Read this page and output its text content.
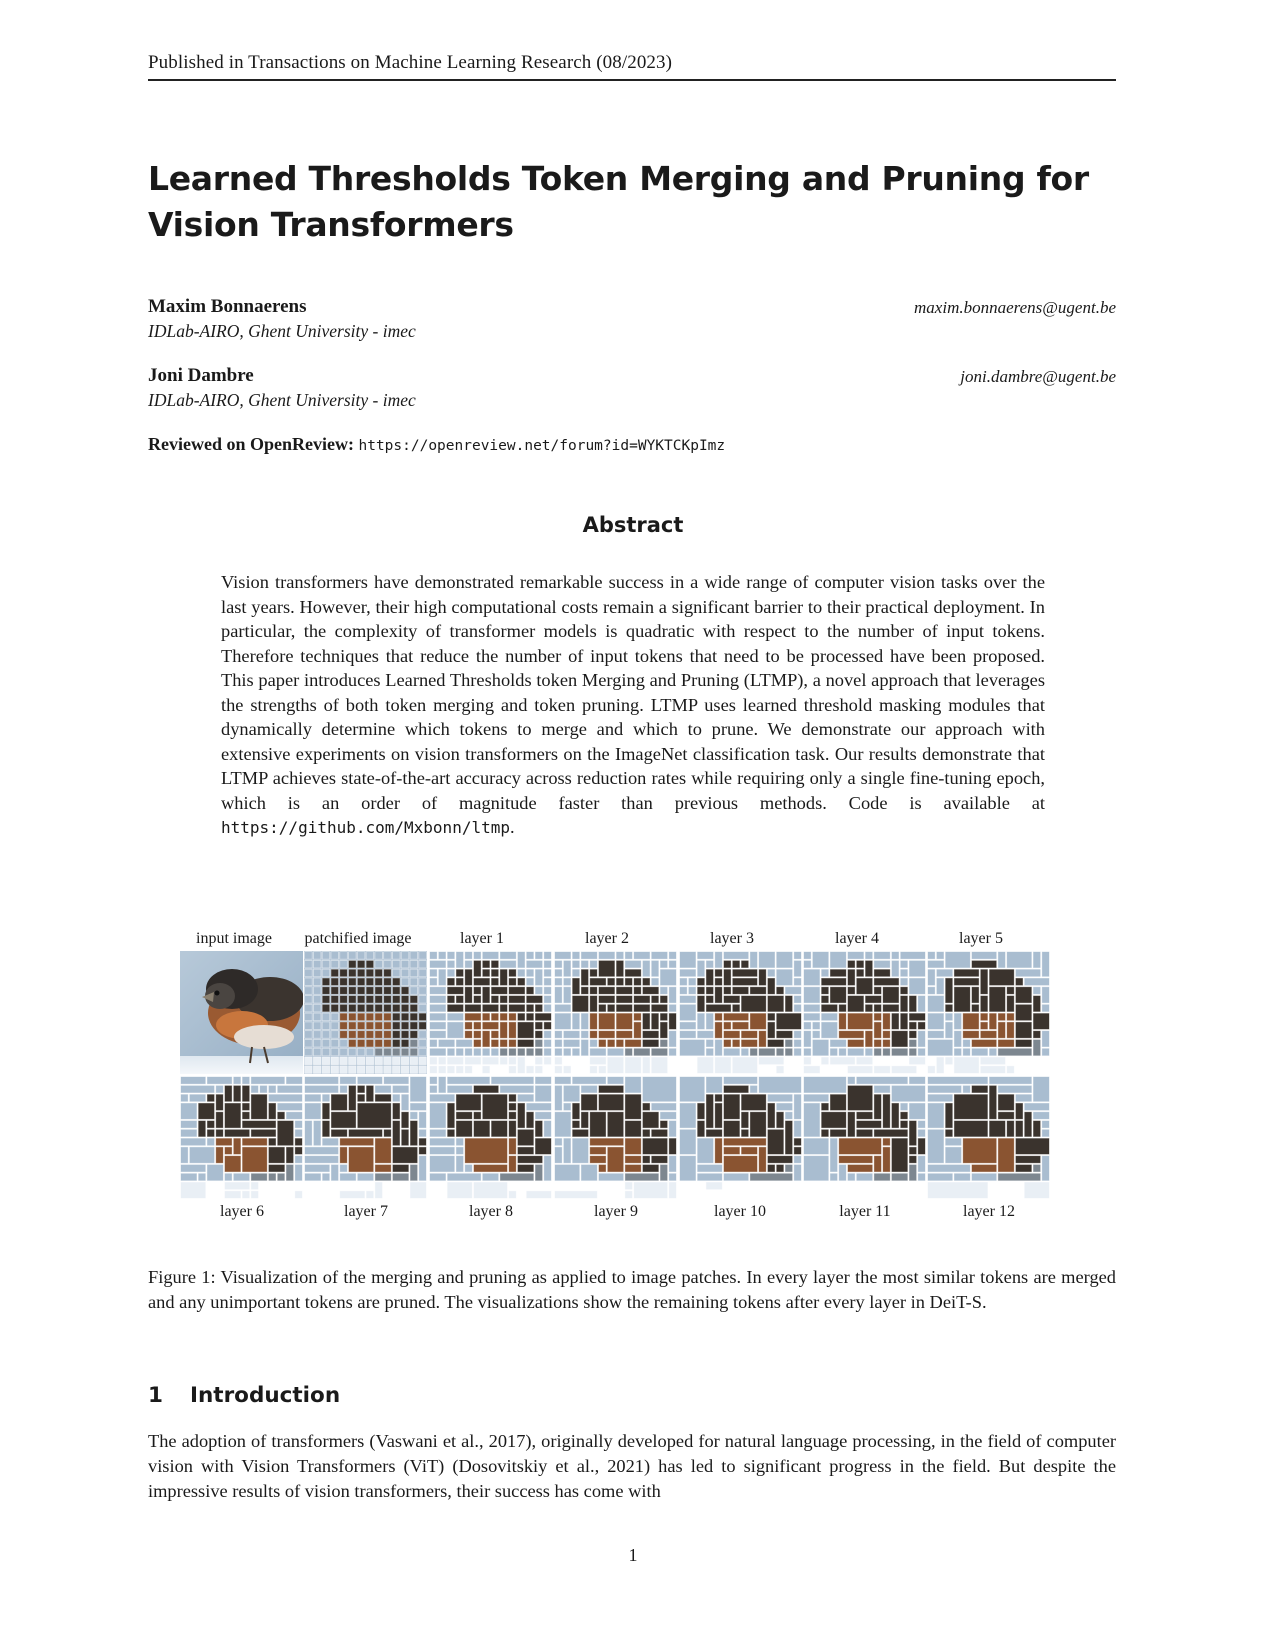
Published in Transactions on Machine Learning Research (08/2023)
Learned Thresholds Token Merging and Pruning for Vision Transformers
Maxim Bonnaerens
IDLab-AIRO, Ghent University - imec
maxim.bonnaerens@ugent.be
Joni Dambre
IDLab-AIRO, Ghent University - imec
joni.dambre@ugent.be
Reviewed on OpenReview: https://openreview.net/forum?id=WYKTCKpImz
Abstract
Vision transformers have demonstrated remarkable success in a wide range of computer vision tasks over the last years. However, their high computational costs remain a significant barrier to their practical deployment. In particular, the complexity of transformer models is quadratic with respect to the number of input tokens. Therefore techniques that reduce the number of input tokens that need to be processed have been proposed. This paper introduces Learned Thresholds token Merging and Pruning (LTMP), a novel approach that leverages the strengths of both token merging and token pruning. LTMP uses learned threshold masking modules that dynamically determine which tokens to merge and which to prune. We demonstrate our approach with extensive experiments on vision transformers on the ImageNet classification task. Our results demonstrate that LTMP achieves state-of-the-art accuracy across reduction rates while requiring only a single fine-tuning epoch, which is an order of magnitude faster than previous methods. Code is available at https://github.com/Mxbonn/ltmp.
input image	patchified image	layer 1	layer 2	layer 3	layer 4	layer 5
layer 6	layer 7	layer 8	layer 9	layer 10	layer 11	layer 12
Figure 1: Visualization of the merging and pruning as applied to image patches. In every layer the most similar tokens are merged and any unimportant tokens are pruned. The visualizations show the remaining tokens after every layer in DeiT-S.
1 Introduction
The adoption of transformers (Vaswani et al., 2017), originally developed for natural language processing, in the field of computer vision with Vision Transformers (ViT) (Dosovitskiy et al., 2021) has led to significant progress in the field. But despite the impressive results of vision transformers, their success has come with
1
